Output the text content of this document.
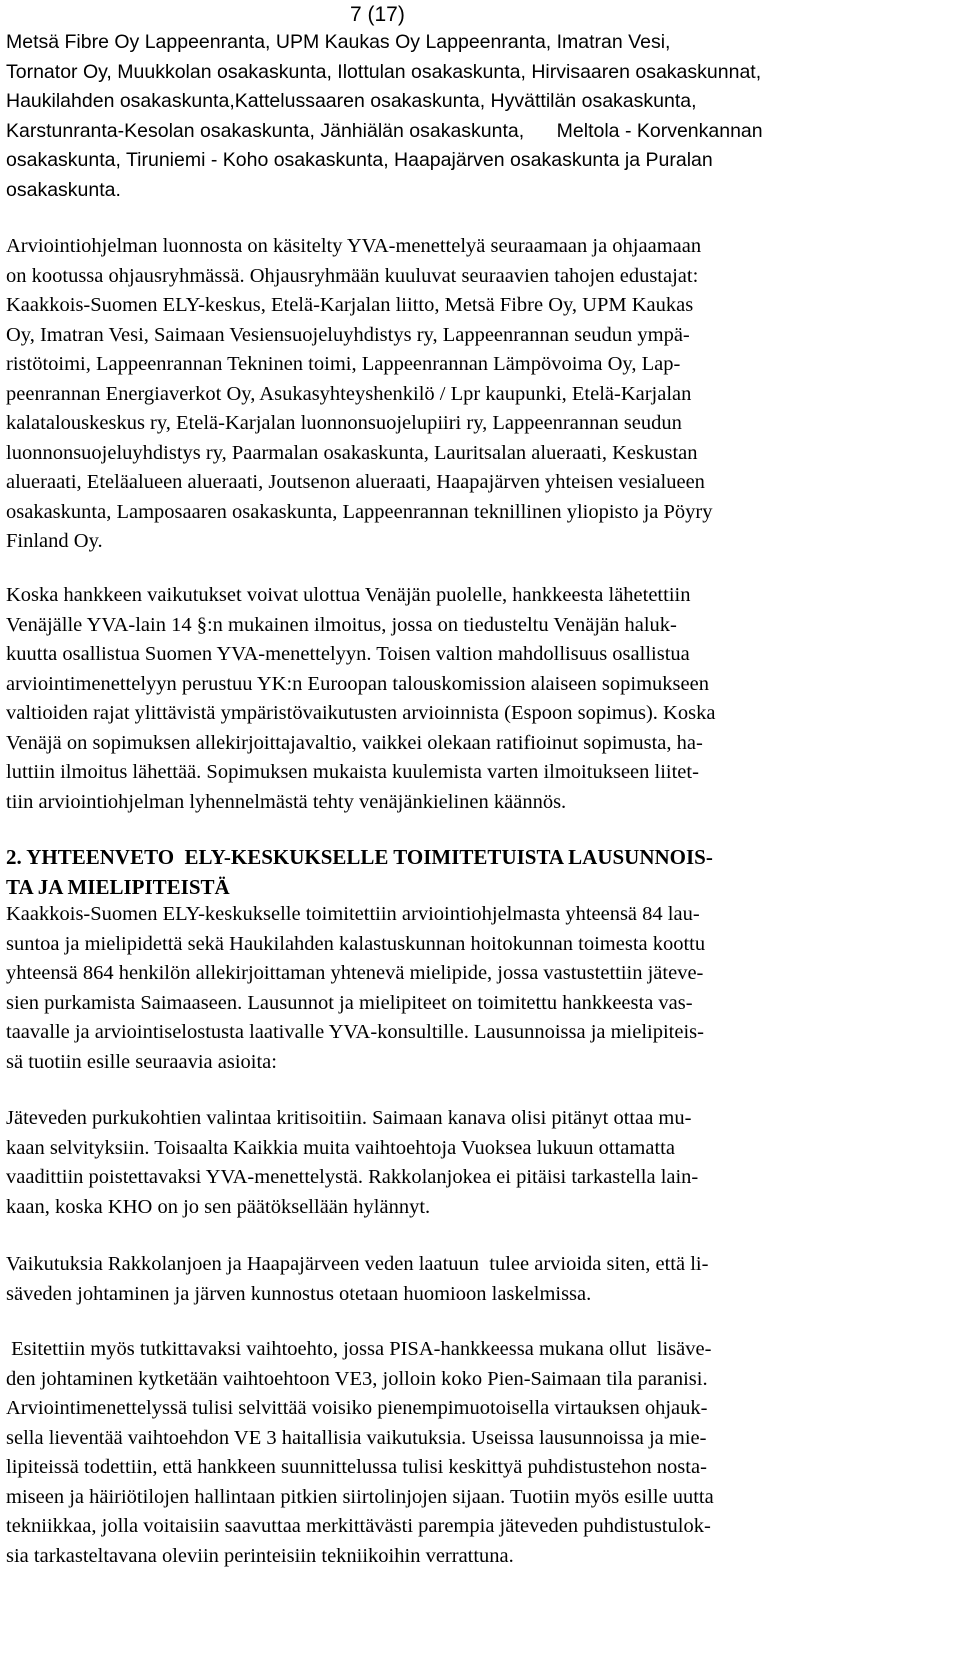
7 (17)
Metsä Fibre Oy Lappeenranta, UPM Kaukas Oy Lappeenranta, Imatran Vesi,
Tornator Oy, Muukkolan osakaskunta, Ilottulan osakaskunta, Hirvisaaren osakaskunnat,
Haukilahden osakaskunta,Kattelussaaren osakaskunta, Hyvättilän osakaskunta,
Karstunranta-Kesolan osakaskunta, Jänhiälän osakaskunta,      Meltola - Korvenkannan
osakaskunta, Tiruniemi - Koho osakaskunta, Haapajärven osakaskunta ja Puralan
osakaskunta.
Arviointiohjelman luonnosta on käsitelty YVA-menettelyä seuraamaan ja ohjaamaan
on kootussa ohjausryhmässä. Ohjausryhmään kuuluvat seuraavien tahojen edustajat:
Kaakkois-Suomen ELY-keskus, Etelä-Karjalan liitto, Metsä Fibre Oy, UPM Kaukas
Oy, Imatran Vesi, Saimaan Vesiensuojeluyhdistys ry, Lappeenrannan seudun ympä-
ristötoimi, Lappeenrannan Tekninen toimi, Lappeenrannan Lämpövoima Oy, Lap-
peenrannan Energiaverkot Oy, Asukasyhteyshenkilö / Lpr kaupunki, Etelä-Karjalan
kalatalouskeskus ry, Etelä-Karjalan luonnonsuojelupiiri ry, Lappeenrannan seudun
luonnonsuojeluyhdistys ry, Paarmalan osakaskunta, Lauritsalan alueraati, Keskustan
alueraati, Eteläalueen alueraati, Joutsenon alueraati, Haapajärven yhteisen vesialueen
osakaskunta, Lamposaaren osakaskunta, Lappeenrannan teknillinen yliopisto ja Pöyry
Finland Oy.
Koska hankkeen vaikutukset voivat ulottua Venäjän puolelle, hankkeesta lähetettiin
Venäjälle YVA-lain 14 §:n mukainen ilmoitus, jossa on tiedusteltu Venäjän haluk-
kuutta osallistua Suomen YVA-menettelyyn. Toisen valtion mahdollisuus osallistua
arviointimenettelyyn perustuu YK:n Euroopan talouskomission alaiseen sopimukseen
valtioiden rajat ylittävistä ympäristövaikutusten arvioinnista (Espoon sopimus). Koska
Venäjä on sopimuksen allekirjoittajavaltio, vaikkei olekaan ratifioinut sopimusta, ha-
luttiin ilmoitus lähettää. Sopimuksen mukaista kuulemista varten ilmoitukseen liitet-
tiin arviointiohjelman lyhennelmästä tehty venäjänkielinen käännös.
2. YHTEENVETO  ELY-KESKUKSELLE TOIMITETUISTA LAUSUNNOIS-
TA JA MIELIPITEISTÄ
Kaakkois-Suomen ELY-keskukselle toimitettiin arviointiohjelmasta yhteensä 84 lau-
suntoa ja mielipidettä sekä Haukilahden kalastuskunnan hoitokunnan toimesta koottu
yhteensä 864 henkilön allekirjoittaman yhtenevä mielipide, jossa vastustettiin jäteve-
sien purkamista Saimaaseen. Lausunnot ja mielipiteet on toimitettu hankkeesta vas-
taavalle ja arviointiselostusta laativalle YVA-konsultille. Lausunnoissa ja mielipiteis-
sä tuotiin esille seuraavia asioita:
Jäteveden purkukohtien valintaa kritisoitiin. Saimaan kanava olisi pitänyt ottaa mu-
kaan selvityksiin. Toisaalta Kaikkia muita vaihtoehtoja Vuoksea lukuun ottamatta
vaadittiin poistettavaksi YVA-menettelystä. Rakkolanjokea ei pitäisi tarkastella lain-
kaan, koska KHO on jo sen päätöksellään hylännyt.
Vaikutuksia Rakkolanjoen ja Haapajärveen veden laatuun  tulee arvioida siten, että li-
säveden johtaminen ja järven kunnostus otetaan huomioon laskelmissa.
Esitettiin myös tutkittavaksi vaihtoehto, jossa PISA-hankkeessa mukana ollut  lisäve-
den johtaminen kytketään vaihtoehtoon VE3, jolloin koko Pien-Saimaan tila paranisi.
Arviointimenettelyssä tulisi selvittää voisiko pienempimuotoisella virtauksen ohjauk-
sella lieventää vaihtoehdon VE 3 haitallisia vaikutuksia. Useissa lausunnoissa ja mie-
lipiteissä todettiin, että hankkeen suunnittelussa tulisi keskittyä puhdistustehon nosta-
miseen ja häiriötilojen hallintaan pitkien siirtolinjojen sijaan. Tuotiin myös esille uutta
tekniikkaa, jolla voitaisiin saavuttaa merkittävästi parempia jäteveden puhdistustulok-
sia tarkasteltavana oleviin perinteisiin tekniikoihin verrattuna.
